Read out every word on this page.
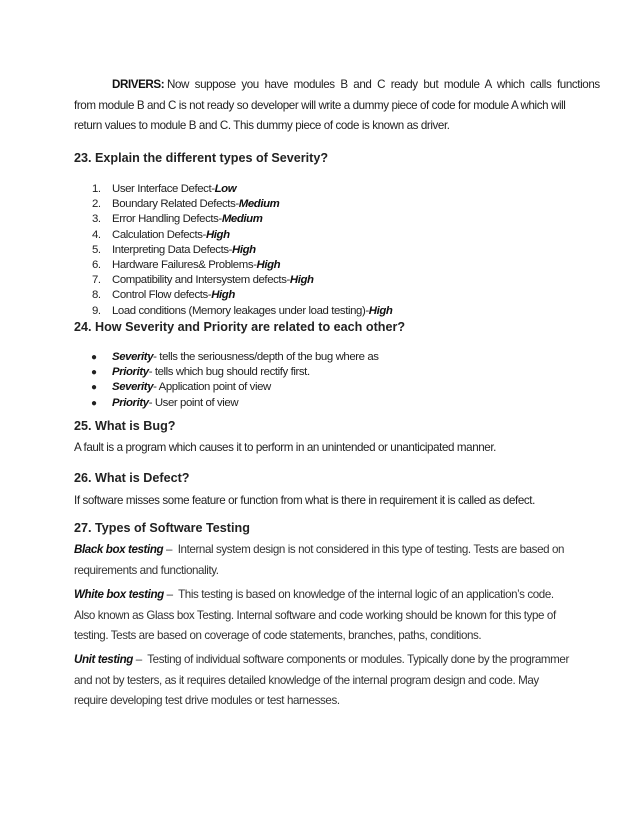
DRIVERS: Now  suppose  you  have  modules  B  and  C  ready  but  module  A  which  calls  functions
from module B and C is not ready so developer will write a dummy piece of code for module A which will
return values to module B and C. This dummy piece of code is known as driver.
23. Explain the different types of Severity?
1. User Interface Defect-Low
2. Boundary Related Defects-Medium
3. Error Handling Defects-Medium
4. Calculation Defects-High
5. Interpreting Data Defects-High
6. Hardware Failures& Problems-High
7. Compatibility and Intersystem defects-High
8. Control Flow defects-High
9. Load conditions (Memory leakages under load testing)-High
24. How Severity and Priority are related to each other?
● Severity- tells the seriousness/depth of the bug where as
● Priority- tells which bug should rectify first.
● Severity- Application point of view
● Priority- User point of view
25. What is Bug?
A fault is a program which causes it to perform in an unintended or unanticipated manner.
26. What is Defect?
If software misses some feature or function from what is there in requirement it is called as defect.
27. Types of Software Testing
Black box testing –  Internal system design is not considered in this type of testing. Tests are based on
requirements and functionality.
White box testing –  This testing is based on knowledge of the internal logic of an application’s code.
Also known as Glass box Testing. Internal software and code working should be known for this type of
testing. Tests are based on coverage of code statements, branches, paths, conditions.
Unit testing –  Testing of individual software components or modules. Typically done by the programmer
and not by testers, as it requires detailed knowledge of the internal program design and code. May
require developing test drive modules or test harnesses.
